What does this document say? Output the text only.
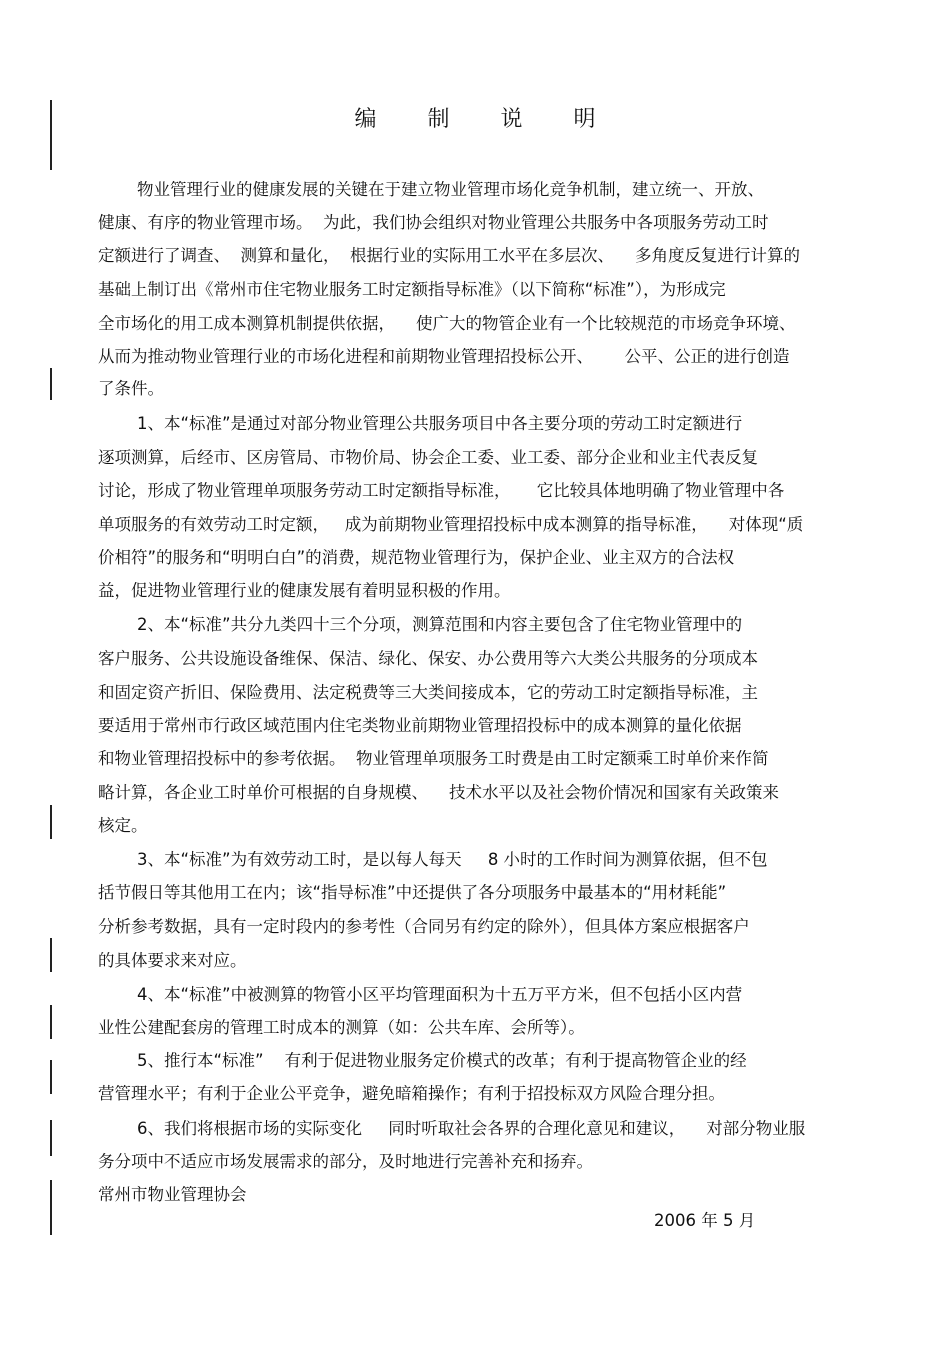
编 制 说 明
物业管理行业的健康发展的关键在于建立物业管理市场化竞争机制，建立统一、开放、
健康、有序的物业管理市场。  为此，我们协会组织对物业管理公共服务中各项服务劳动工时
定额进行了调查、  测算和量化，  根据行业的实际用工水平在多层次、    多角度反复进行计算的
基础上制订出《常州市住宅物业服务工时定额指导标准》（以下简称“标准”），为形成完
全市场化的用工成本测算机制提供依据，    使广大的物管企业有一个比较规范的市场竞争环境、
从而为推动物业管理行业的市场化进程和前期物业管理招投标公开、      公平、公正的进行创造
了条件。
1、本“标准”是通过对部分物业管理公共服务项目中各主要分项的劳动工时定额进行
逐项测算，后经市、区房管局、市物价局、协会企工委、业工委、部分企业和业主代表反复
讨论，形成了物业管理单项服务劳动工时定额指导标准，     它比较具体地明确了物业管理中各
单项服务的有效劳动工时定额，   成为前期物业管理招投标中成本测算的指导标准，    对体现“质
价相符”的服务和“明明白白”的消费，规范物业管理行为，保护企业、业主双方的合法权
益，促进物业管理行业的健康发展有着明显积极的作用。
2、本“标准”共分九类四十三个分项，测算范围和内容主要包含了住宅物业管理中的
客户服务、公共设施设备维保、保洁、绿化、保安、办公费用等六大类公共服务的分项成本
和固定资产折旧、保险费用、法定税费等三大类间接成本，它的劳动工时定额指导标准，主
要适用于常州市行政区域范围内住宅类物业前期物业管理招投标中的成本测算的量化依据
和物业管理招投标中的参考依据。  物业管理单项服务工时费是由工时定额乘工时单价来作简
略计算，各企业工时单价可根据的自身规模、    技术水平以及社会物价情况和国家有关政策来
核定。
3、本“标准”为有效劳动工时，是以每人每天     8 小时的工作时间为测算依据，但不包
括节假日等其他用工在内；该“指导标准”中还提供了各分项服务中最基本的“用材耗能”
分析参考数据，具有一定时段内的参考性（合同另有约定的除外），但具体方案应根据客户
的具体要求来对应。
4、本“标准”中被测算的物管小区平均管理面积为十五万平方米，但不包括小区内营
业性公建配套房的管理工时成本的测算（如：公共车库、会所等）。
5、推行本“标准”    有利于促进物业服务定价模式的改革；有利于提高物管企业的经
营管理水平；有利于企业公平竞争，避免暗箱操作；有利于招投标双方风险合理分担。
6、我们将根据市场的实际变化     同时听取社会各界的合理化意见和建议，    对部分物业服
务分项中不适应市场发展需求的部分，及时地进行完善补充和扬弃。
常州市物业管理协会
2006 年 5 月
